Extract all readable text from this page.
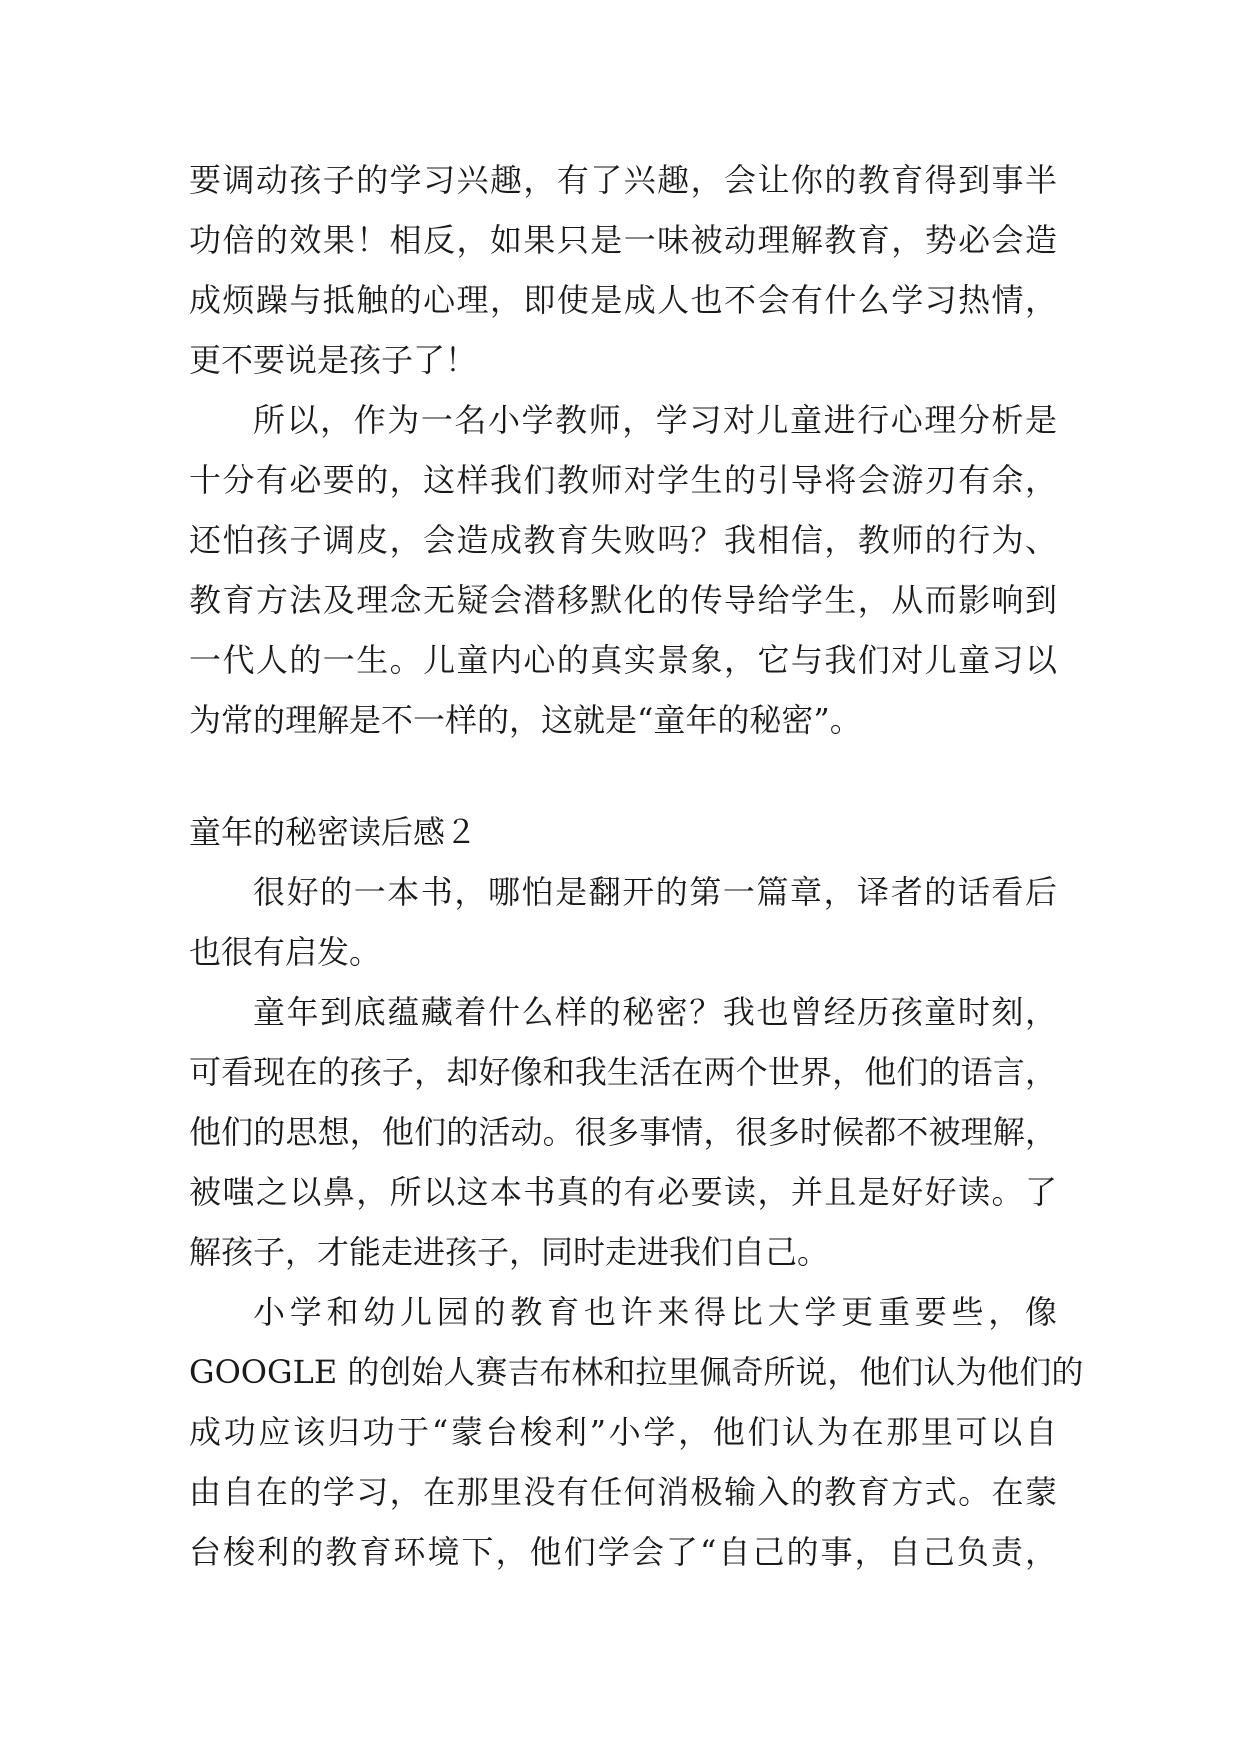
要调动孩子的学习兴趣，有了兴趣，会让你的教育得到事半
功倍的效果！相反，如果只是一味被动理解教育，势必会造
成烦躁与抵触的心理，即使是成人也不会有什么学习热情，
更不要说是孩子了！
所以，作为一名小学教师，学习对儿童进行心理分析是
十分有必要的，这样我们教师对学生的引导将会游刃有余，
还怕孩子调皮，会造成教育失败吗？我相信，教师的行为、
教育方法及理念无疑会潜移默化的传导给学生，从而影响到
一代人的一生。儿童内心的真实景象，它与我们对儿童习以
为常的理解是不一样的，这就是“童年的秘密”。
童年的秘密读后感２
很好的一本书，哪怕是翻开的第一篇章，译者的话看后
也很有启发。
童年到底蕴藏着什么样的秘密？我也曾经历孩童时刻，
可看现在的孩子，却好像和我生活在两个世界，他们的语言，
他们的思想，他们的活动。很多事情，很多时候都不被理解，
被嗤之以鼻，所以这本书真的有必要读，并且是好好读。了
解孩子，才能走进孩子，同时走进我们自己。
小学和幼儿园的教育也许来得比大学更重要些，像
GOOGLE 的创始人赛吉布林和拉里佩奇所说，他们认为他们的
成功应该归功于“蒙台梭利”小学，他们认为在那里可以自
由自在的学习，在那里没有任何消极输入的教育方式。在蒙
台梭利的教育环境下，他们学会了“自己的事，自己负责，
